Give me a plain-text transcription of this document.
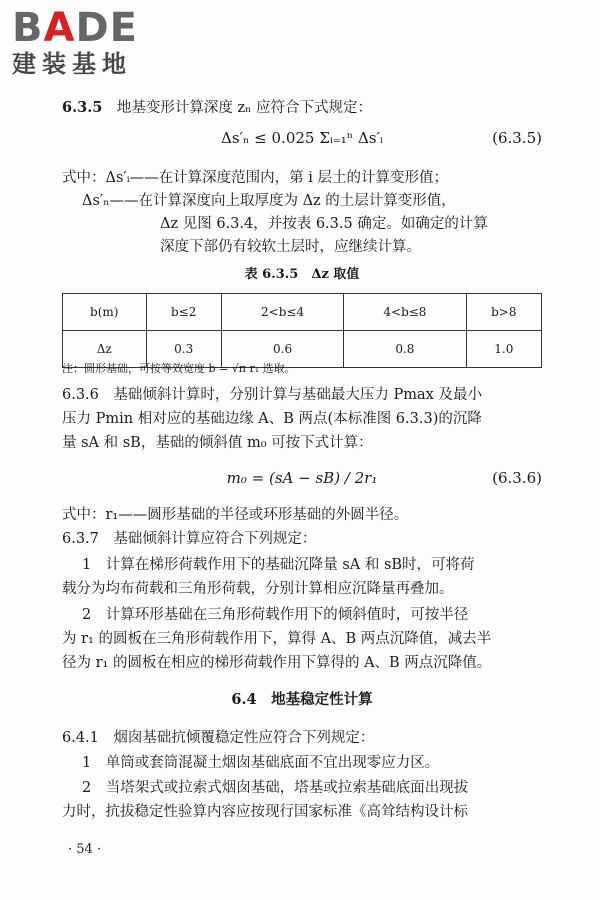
BADE
建装基地
6.3.5　 地基变形计算深度 zₙ 应符合下式规定：
Δs′ₙ ≤ 0.025 Σᵢ₌₁ⁿ Δs′ᵢ	(6.3.5)
式中：Δs′ᵢ——在计算深度范围内，第 i 层土的计算变形值；
Δs′ₙ——在计算深度向上取厚度为 Δz 的土层计算变形值，
Δz 见图 6.3.4，并按表 6.3.5 确定。如确定的计算
深度下部仍有较软土层时，应继续计算。
表 6.3.5　Δz 取值
b(m)	b≤2	2<b≤4	4<b≤8	b>8
Δz	0.3	0.6	0.8	1.0
注：圆形基础，可按等效宽度 b = √π r₁ 选取。
6.3.6　基础倾斜计算时，分别计算与基础最大压力 Pmax 及最小
压力 Pmin 相对应的基础边缘 A、B 两点(本标准图 6.3.3)的沉降
量 sA 和 sB，基础的倾斜值 m₀ 可按下式计算：
m₀ = (sA − sB) / 2r₁	(6.3.6)
式中：r₁——圆形基础的半径或环形基础的外圆半径。
6.3.7　基础倾斜计算应符合下列规定：
1　计算在梯形荷载作用下的基础沉降量 sA 和 sB时，可将荷
载分为均布荷载和三角形荷载，分别计算相应沉降量再叠加。
2　计算环形基础在三角形荷载作用下的倾斜值时，可按半径
为 r₁ 的圆板在三角形荷载作用下，算得 A、B 两点沉降值，减去半
径为 r₁ 的圆板在相应的梯形荷载作用下算得的 A、B 两点沉降值。
6.4　地基稳定性计算
6.4.1　烟囱基础抗倾覆稳定性应符合下列规定：
1　单筒或套筒混凝土烟囱基础底面不宜出现零应力区。
2　当塔架式或拉索式烟囱基础，塔基或拉索基础底面出现拔
力时，抗拔稳定性验算内容应按现行国家标准《高耸结构设计标
· 54 ·
